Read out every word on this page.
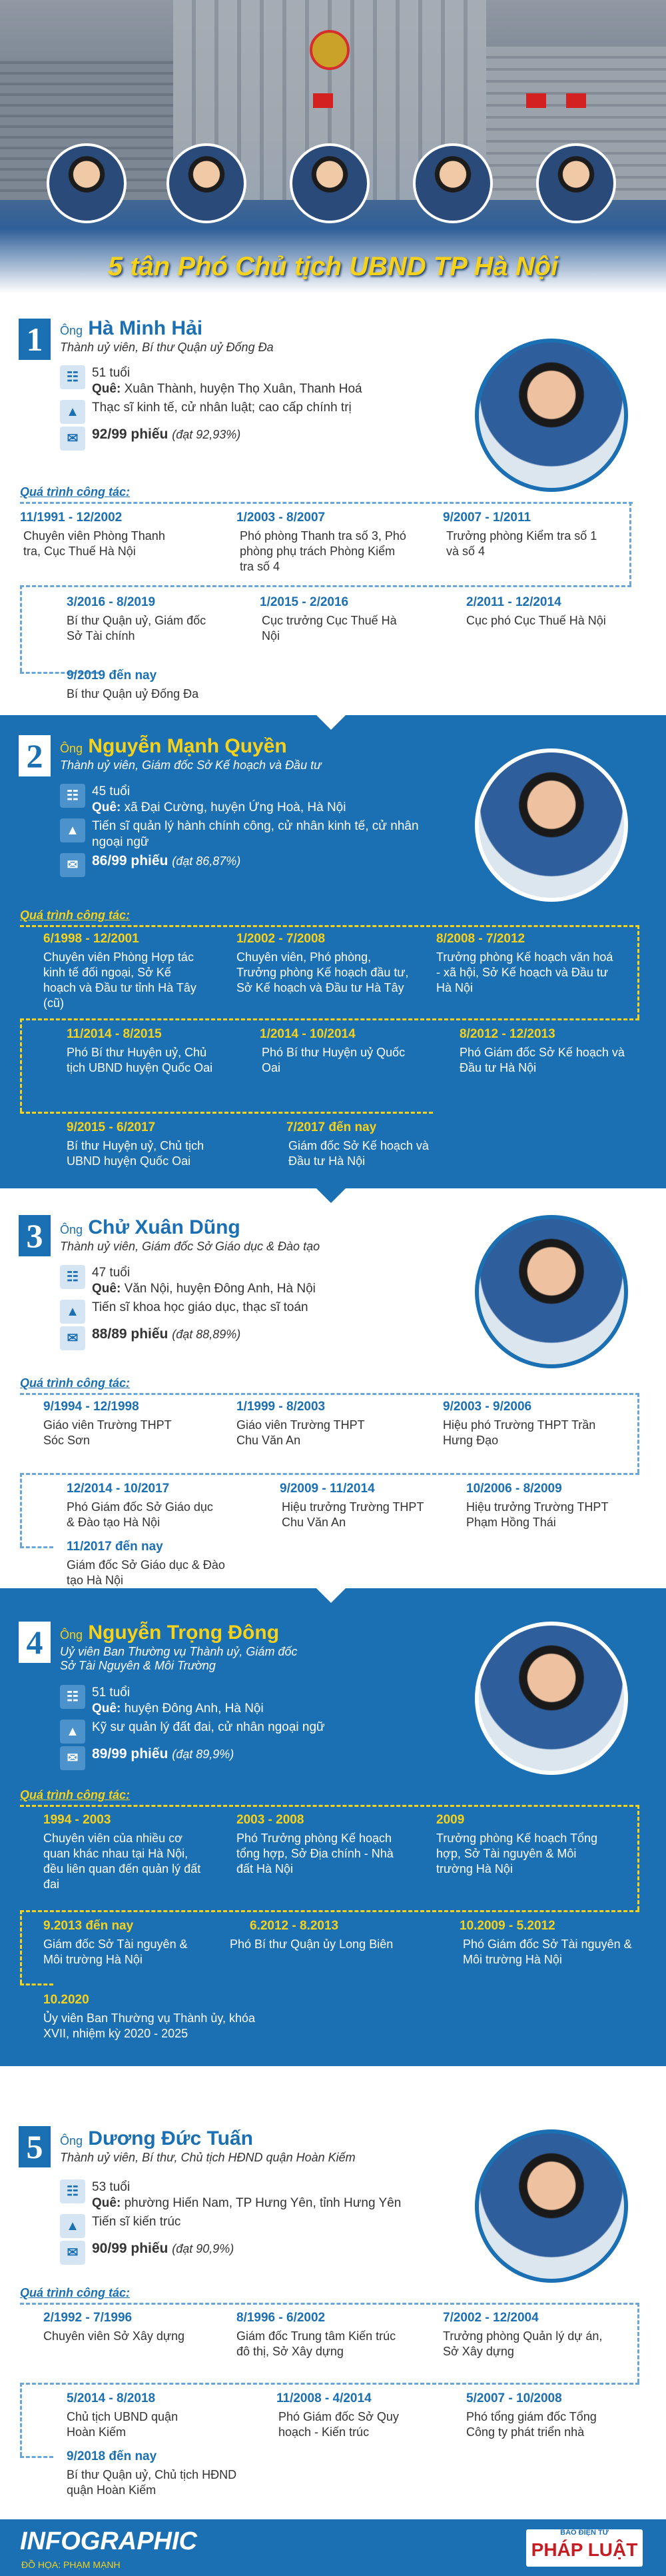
5 tân Phó Chủ tịch UBND TP Hà Nội
1	Ông Hà Minh Hải
Thành uỷ viên, Bí thư Quận uỷ Đống Đa
☷	51 tuổi
Quê: Xuân Thành, huyện Thọ Xuân, Thanh Hoá
▲	Thạc sĩ kinh tế, cử nhân luật; cao cấp chính trị
✉ 92/99 phiếu (đạt 92,93%)
Quá trình công tác:
11/1991 - 12/2002
Chuyên viên Phòng Thanh tra, Cục Thuế Hà Nội
1/2003 - 8/2007
Phó phòng Thanh tra số 3, Phó phòng phụ trách Phòng Kiểm tra số 4
9/2007 - 1/2011
Trưởng phòng Kiểm tra số 1 và số 4
3/2016 - 8/2019
Bí thư Quận uỷ, Giám đốc Sở Tài chính
1/2015 - 2/2016
Cục trưởng Cục Thuế Hà Nội
2/2011 - 12/2014
Cục phó Cục Thuế Hà Nội
9/2019 đến nay
Bí thư Quận uỷ Đống Đa
2	Ông Nguyễn Mạnh Quyền
Thành uỷ viên, Giám đốc Sở Kế hoạch và Đầu tư
☷	45 tuổi
Quê: xã Đại Cường, huyện Ứng Hoà, Hà Nội
▲	Tiến sĩ quản lý hành chính công, cử nhân kinh tế, cử nhân ngoại ngữ
✉ 86/99 phiếu (đạt 86,87%)
Quá trình công tác:
6/1998 - 12/2001
Chuyên viên Phòng Hợp tác kinh tế đối ngoại, Sở Kế hoạch và Đầu tư tỉnh Hà Tây (cũ)
1/2002 - 7/2008
Chuyên viên, Phó phòng, Trưởng phòng Kế hoạch đầu tư, Sở Kế hoạch và Đầu tư Hà Tây
8/2008 - 7/2012
Trưởng phòng Kế hoạch văn hoá - xã hội, Sở Kế hoạch và Đầu tư Hà Nội
11/2014 - 8/2015
Phó Bí thư Huyện uỷ, Chủ tịch UBND huyện Quốc Oai
1/2014 - 10/2014
Phó Bí thư Huyện uỷ Quốc Oai
8/2012 - 12/2013
Phó Giám đốc Sở Kế hoạch và Đầu tư Hà Nội
9/2015 - 6/2017
Bí thư Huyện uỷ, Chủ tịch UBND huyện Quốc Oai
7/2017 đến nay
Giám đốc Sở Kế hoạch và Đầu tư Hà Nội
3	Ông Chử Xuân Dũng
Thành uỷ viên, Giám đốc Sở Giáo dục & Đào tạo
☷	47 tuổi
Quê: Văn Nội, huyện Đông Anh, Hà Nội
▲	Tiến sĩ khoa học giáo dục, thạc sĩ toán
✉ 88/89 phiếu (đạt 88,89%)
Quá trình công tác:
9/1994 - 12/1998
Giáo viên Trường THPT Sóc Sơn
1/1999 - 8/2003
Giáo viên Trường THPT Chu Văn An
9/2003 - 9/2006
Hiệu phó Trường THPT Trần Hưng Đạo
12/2014 - 10/2017
Phó Giám đốc Sở Giáo dục & Đào tạo Hà Nội
9/2009 - 11/2014
Hiệu trưởng Trường THPT Chu Văn An
10/2006 - 8/2009
Hiệu trưởng Trường THPT Phạm Hồng Thái
11/2017 đến nay
Giám đốc Sở Giáo dục & Đào tạo Hà Nội
4	Ông Nguyễn Trọng Đông
Uỷ viên Ban Thường vụ Thành uỷ, Giám đốc Sở Tài Nguyên & Môi Trường
☷	51 tuổi
Quê: huyện Đông Anh, Hà Nội
▲	Kỹ sư quản lý đất đai, cử nhân ngoại ngữ
✉ 89/99 phiếu (đạt 89,9%)
Quá trình công tác:
1994 - 2003
Chuyên viên của nhiều cơ quan khác nhau tại Hà Nội, đều liên quan đến quản lý đất đai
2003 - 2008
Phó Trưởng phòng Kế hoạch tổng hợp, Sở Địa chính - Nhà đất Hà Nội
2009
Trưởng phòng Kế hoạch Tổng hợp, Sở Tài nguyên & Môi trường Hà Nội
9.2013 đến nay
Giám đốc Sở Tài nguyên & Môi trường Hà Nội
6.2012 - 8.2013
Phó Bí thư Quận ủy Long Biên
10.2009 - 5.2012
Phó Giám đốc Sở Tài nguyên & Môi trường Hà Nội
10.2020
Ủy viên Ban Thường vụ Thành ủy, khóa XVII, nhiệm kỳ 2020 - 2025
5	Ông Dương Đức Tuấn
Thành uỷ viên, Bí thư, Chủ tịch HĐND quận Hoàn Kiếm
☷	53 tuổi
Quê: phường Hiến Nam, TP Hưng Yên, tỉnh Hưng Yên
▲	Tiến sĩ kiến trúc
✉ 90/99 phiếu (đạt 90,9%)
Quá trình công tác:
2/1992 - 7/1996
Chuyên viên Sở Xây dựng
8/1996 - 6/2002
Giám đốc Trung tâm Kiến trúc đô thị, Sở Xây dựng
7/2002 - 12/2004
Trưởng phòng Quản lý dự án, Sở Xây dựng
5/2014 - 8/2018
Chủ tịch UBND quận Hoàn Kiếm
11/2008 - 4/2014
Phó Giám đốc Sở Quy hoạch - Kiến trúc
5/2007 - 10/2008
Phó tổng giám đốc Tổng Công ty phát triển nhà
9/2018 đến nay
Bí thư Quận uỷ, Chủ tịch HĐND quận Hoàn Kiếm
INFOGRAPHIC
ĐỒ HỌA: PHẠM MẠNH
BÁO ĐIỆN TỬ
PHÁP LUẬT
